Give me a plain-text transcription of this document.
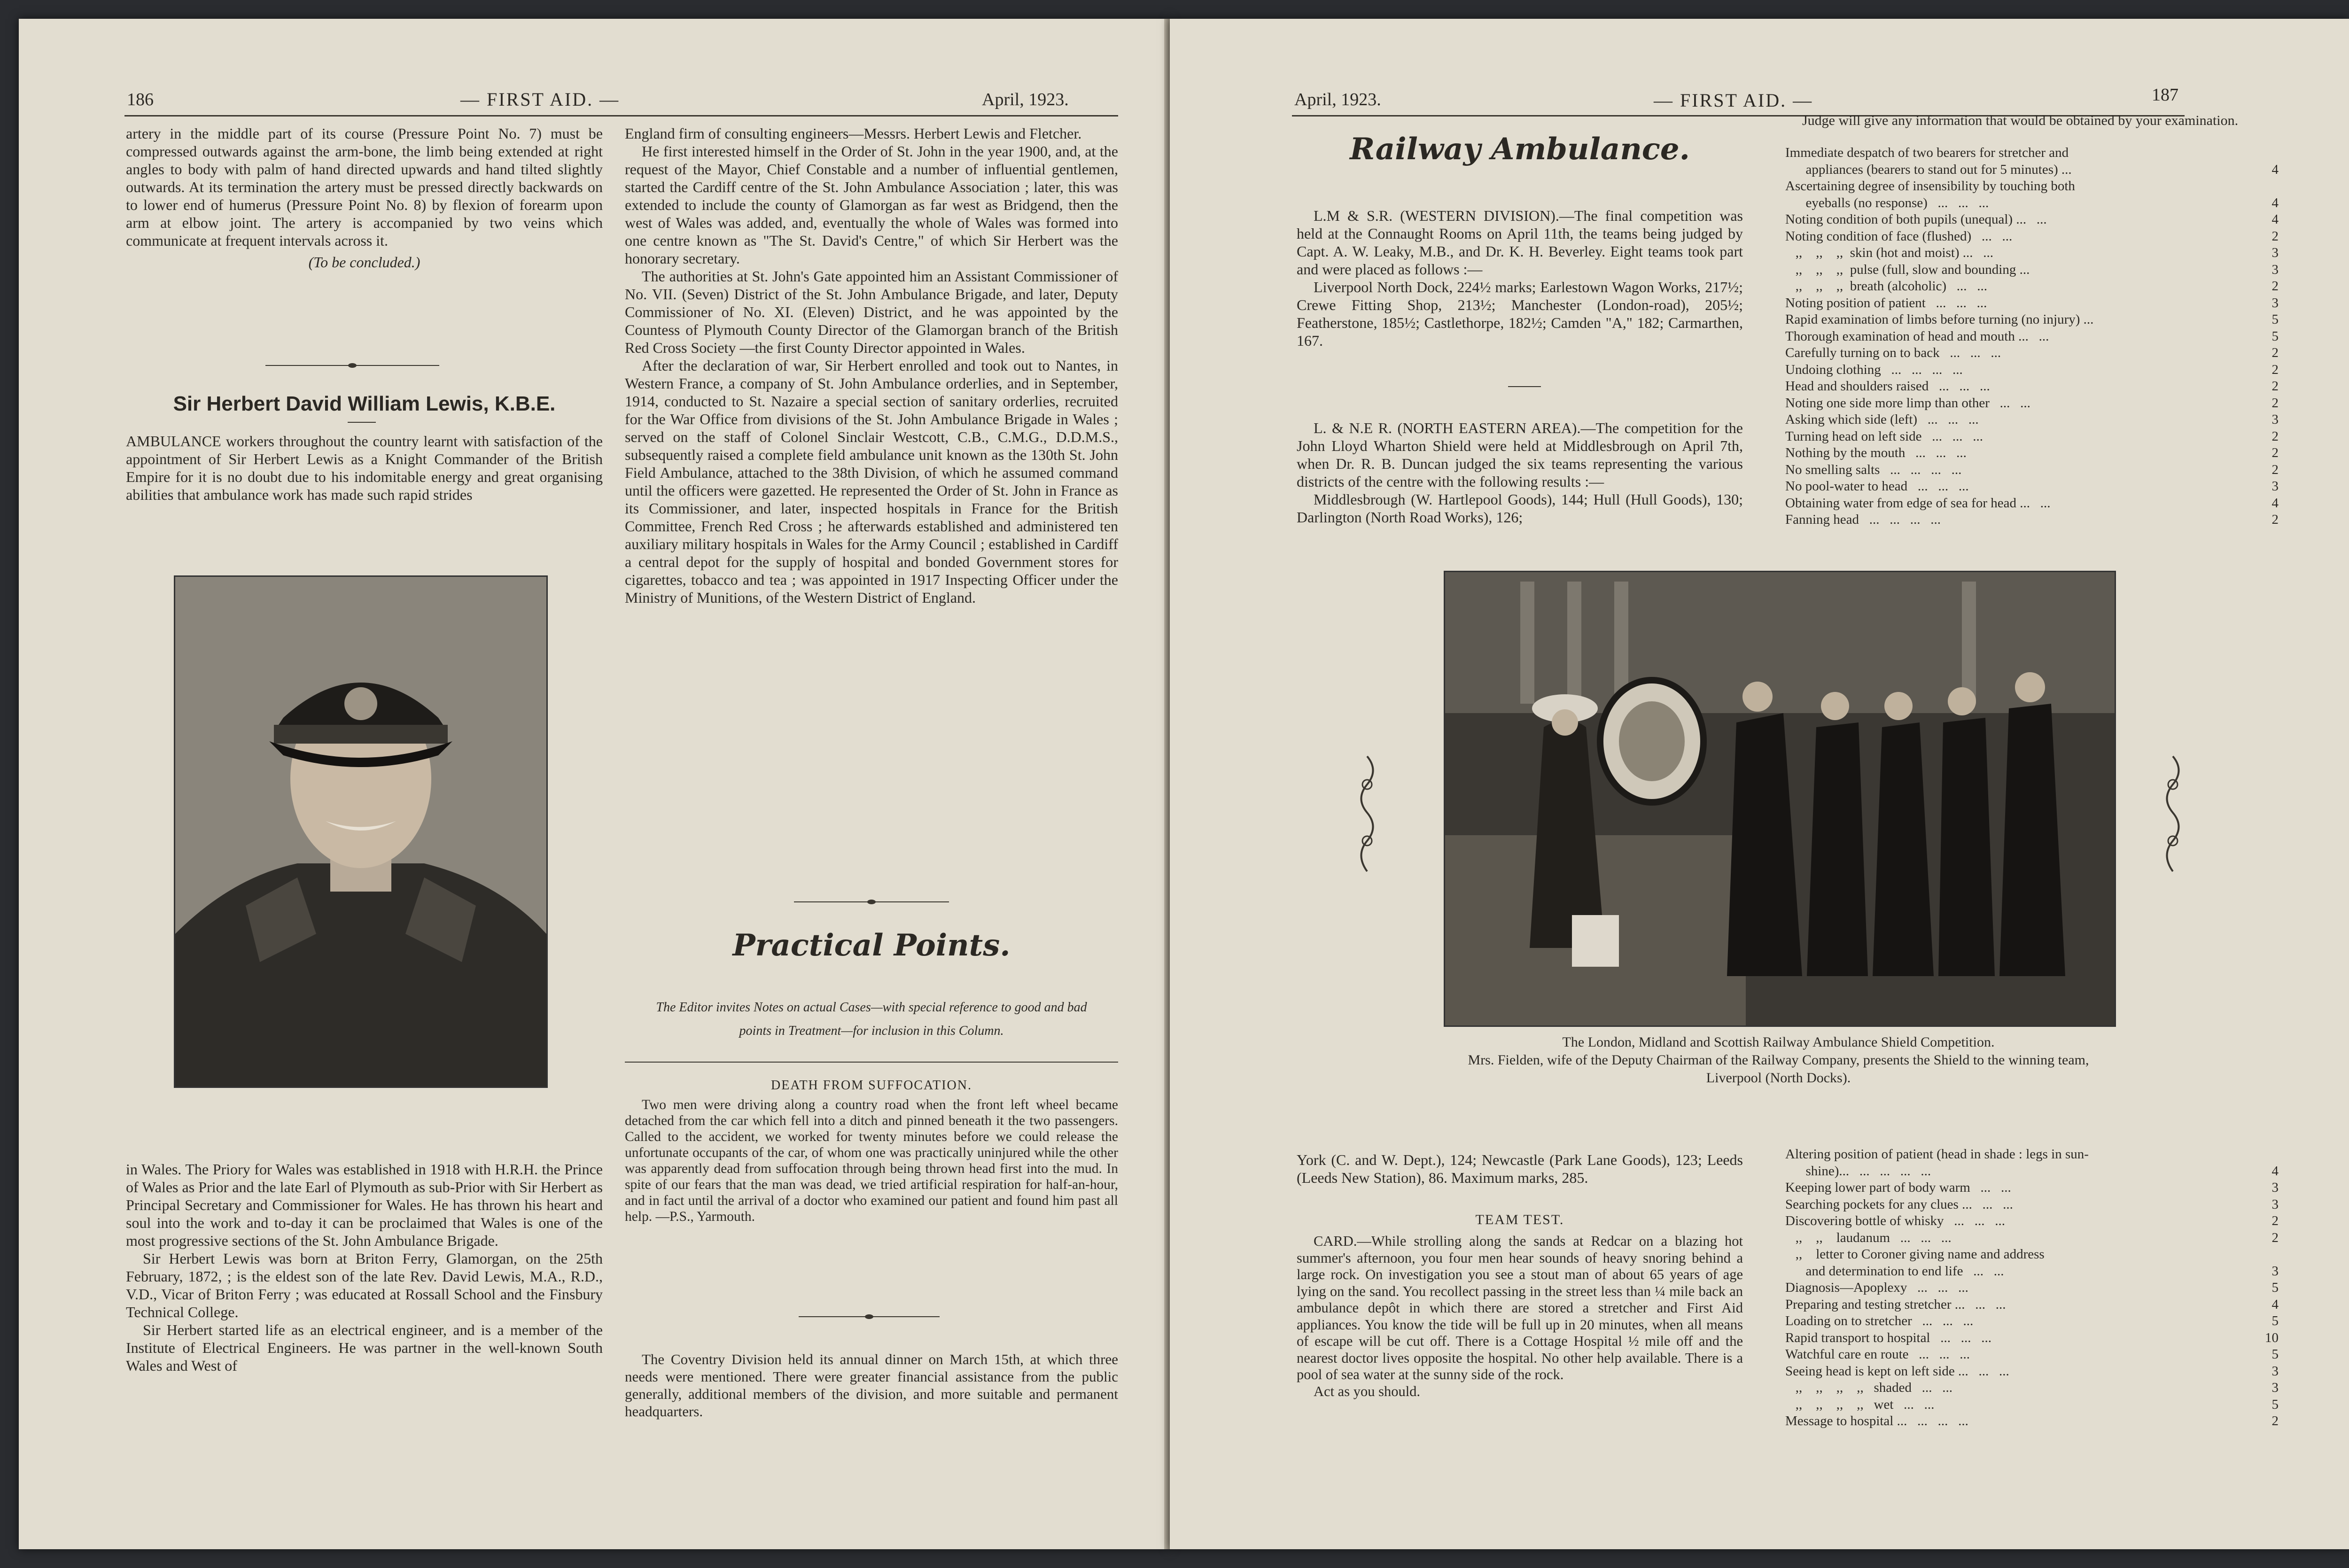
186	— FIRST AID. —	April, 1923.

artery in the middle part of its course (Pressure Point No. 7) must be compressed outwards against the arm-bone, the limb being extended at right angles to body with palm of hand directed upwards and hand tilted slightly outwards. At its termination the artery must be pressed directly backwards on to lower end of humerus (Pressure Point No. 8) by flexion of forearm upon arm at elbow joint. The artery is accompanied by two veins which communicate at frequent intervals across it.

(To be concluded.)

Sir Herbert David William Lewis, K.B.E.

AMBULANCE workers throughout the country learnt with satisfaction of the appointment of Sir Herbert Lewis as a Knight Commander of the British Empire for it is no doubt due to his indomitable energy and great organising abilities that ambulance work has made such rapid strides

in Wales. The Priory for Wales was established in 1918 with H.R.H. the Prince of Wales as Prior and the late Earl of Plymouth as sub-Prior with Sir Herbert as Principal Secretary and Commissioner for Wales. He has thrown his heart and soul into the work and to-day it can be proclaimed that Wales is one of the most progressive sections of the St. John Ambulance Brigade.

Sir Herbert Lewis was born at Briton Ferry, Glamorgan, on the 25th February, 1872, ; is the eldest son of the late Rev. David Lewis, M.A., R.D., V.D., Vicar of Briton Ferry ; was educated at Rossall School and the Finsbury Technical College.

Sir Herbert started life as an electrical engineer, and is a member of the Institute of Electrical Engineers. He was partner in the well-known South Wales and West of

England firm of consulting engineers—Messrs. Herbert Lewis and Fletcher.

He first interested himself in the Order of St. John in the year 1900, and, at the request of the Mayor, Chief Constable and a number of influential gentlemen, started the Cardiff centre of the St. John Ambulance Association ; later, this was extended to include the county of Glamorgan as far west as Bridgend, then the west of Wales was added, and, eventually the whole of Wales was formed into one centre known as "The St. David's Centre," of which Sir Herbert was the honorary secretary.

The authorities at St. John's Gate appointed him an Assistant Commissioner of No. VII. (Seven) District of the St. John Ambulance Brigade, and later, Deputy Commissioner of No. XI. (Eleven) District, and he was appointed by the Countess of Plymouth County Director of the Glamorgan branch of the British Red Cross Society —the first County Director appointed in Wales.

After the declaration of war, Sir Herbert enrolled and took out to Nantes, in Western France, a company of St. John Ambulance orderlies, and in September, 1914, conducted to St. Nazaire a special section of sanitary orderlies, recruited for the War Office from divisions of the St. John Ambulance Brigade in Wales ; served on the staff of Colonel Sinclair Westcott, C.B., C.M.G., D.D.M.S., subsequently raised a complete field ambulance unit known as the 130th St. John Field Ambulance, attached to the 38th Division, of which he assumed command until the officers were gazetted. He represented the Order of St. John in France as its Commissioner, and later, inspected hospitals in France for the British Committee, French Red Cross ; he afterwards established and administered ten auxiliary military hospitals in Wales for the Army Council ; established in Cardiff a central depot for the supply of hospital and bonded Government stores for cigarettes, tobacco and tea ; was appointed in 1917 Inspecting Officer under the Ministry of Munitions, of the Western District of England.

Practical Points.
The Editor invites Notes on actual Cases—with special reference to good and bad points in Treatment—for inclusion in this Column.
DEATH FROM SUFFOCATION.

Two men were driving along a country road when the front left wheel became detached from the car which fell into a ditch and pinned beneath it the two passengers. Called to the accident, we worked for twenty minutes before we could release the unfortunate occupants of the car, of whom one was practically uninjured while the other was apparently dead from suffocation through being thrown head first into the mud. In spite of our fears that the man was dead, we tried artificial respiration for half-an-hour, and in fact until the arrival of a doctor who examined our patient and found him past all help. —P.S., Yarmouth.

The Coventry Division held its annual dinner on March 15th, at which three needs were mentioned. There were greater financial assistance from the public generally, additional members of the division, and more suitable and permanent headquarters.

April, 1923.	— FIRST AID. —	187
Railway Ambulance.

L.M & S.R. (WESTERN DIVISION).—The final competition was held at the Connaught Rooms on April 11th, the teams being judged by Capt. A. W. Leaky, M.B., and Dr. K. H. Beverley. Eight teams took part and were placed as follows :—

Liverpool North Dock, 224½ marks; Earlestown Wagon Works, 217½; Crewe Fitting Shop, 213½; Manchester (London-road), 205½; Featherstone, 185½; Castlethorpe, 182½; Camden "A," 182; Carmarthen, 167.

L. & N.E R. (NORTH EASTERN AREA).—The competition for the John Lloyd Wharton Shield were held at Middlesbrough on April 7th, when Dr. R. B. Duncan judged the six teams representing the various districts of the centre with the following results :—

Middlesbrough (W. Hartlepool Goods), 144; Hull (Hull Goods), 130; Darlington (North Road Works), 126;

Judge will give any information that would be obtained by your examination.

Immediate despatch of two bearers for stretcher and
appliances (bearers to stand out for 5 minutes) ...	4
Ascertaining degree of insensibility by touching both
eyeballs (no response)   ...   ...   ...	4
Noting condition of both pupils (unequal) ...   ...	4
Noting condition of face (flushed)   ...   ...	2
,,    ,,    ,,  skin (hot and moist) ...   ...	3
,,    ,,    ,,  pulse (full, slow and bounding ...	3
,,    ,,    ,,  breath (alcoholic)   ...   ...	2
Noting position of patient   ...   ...   ...	3
Rapid examination of limbs before turning (no injury) ...	5
Thorough examination of head and mouth ...   ...	5
Carefully turning on to back   ...   ...   ...	2
Undoing clothing   ...   ...   ...   ...	2
Head and shoulders raised   ...   ...   ...	2
Noting one side more limp than other   ...   ...	2
Asking which side (left)   ...   ...   ...	3
Turning head on left side   ...   ...   ...	2
Nothing by the mouth   ...   ...   ...	2
No smelling salts   ...   ...   ...   ...	2
No pool-water to head   ...   ...   ...	3
Obtaining water from edge of sea for head ...   ...	4
Fanning head   ...   ...   ...   ...	2
The London, Midland and Scottish Railway Ambulance Shield Competition.
Mrs. Fielden, wife of the Deputy Chairman of the Railway Company, presents the Shield to the winning team, Liverpool (North Docks).

York (C. and W. Dept.), 124; Newcastle (Park Lane Goods), 123; Leeds (Leeds New Station), 86. Maximum marks, 285.

TEAM TEST.

CARD.—While strolling along the sands at Redcar on a blazing hot summer's afternoon, you four men hear sounds of heavy snoring behind a large rock. On investigation you see a stout man of about 65 years of age lying on the sand. You recollect passing in the street less than ¼ mile back an ambulance depôt in which there are stored a stretcher and First Aid appliances. You know the tide will be full up in 20 minutes, when all means of escape will be cut off. There is a Cottage Hospital ½ mile off and the nearest doctor lives opposite the hospital. No other help available. There is a pool of sea water at the sunny side of the rock.

Act as you should.

Altering position of patient (head in shade : legs in sun-
shine)...   ...   ...   ...   ...	4
Keeping lower part of body warm   ...   ...	3
Searching pockets for any clues ...   ...   ...	3
Discovering bottle of whisky   ...   ...   ...	2
,,    ,,    laudanum   ...   ...   ...	2
,,    letter to Coroner giving name and address
and determination to end life   ...   ...	3
Diagnosis—Apoplexy   ...   ...   ...	5
Preparing and testing stretcher ...   ...   ...	4
Loading on to stretcher   ...   ...   ...	5
Rapid transport to hospital   ...   ...   ...	10
Watchful care en route   ...   ...   ...	5
Seeing head is kept on left side ...   ...   ...	3
,,    ,,    ,,    ,,   shaded   ...   ...	3
,,    ,,    ,,    ,,   wet   ...   ...	5
Message to hospital ...   ...   ...   ...	2
